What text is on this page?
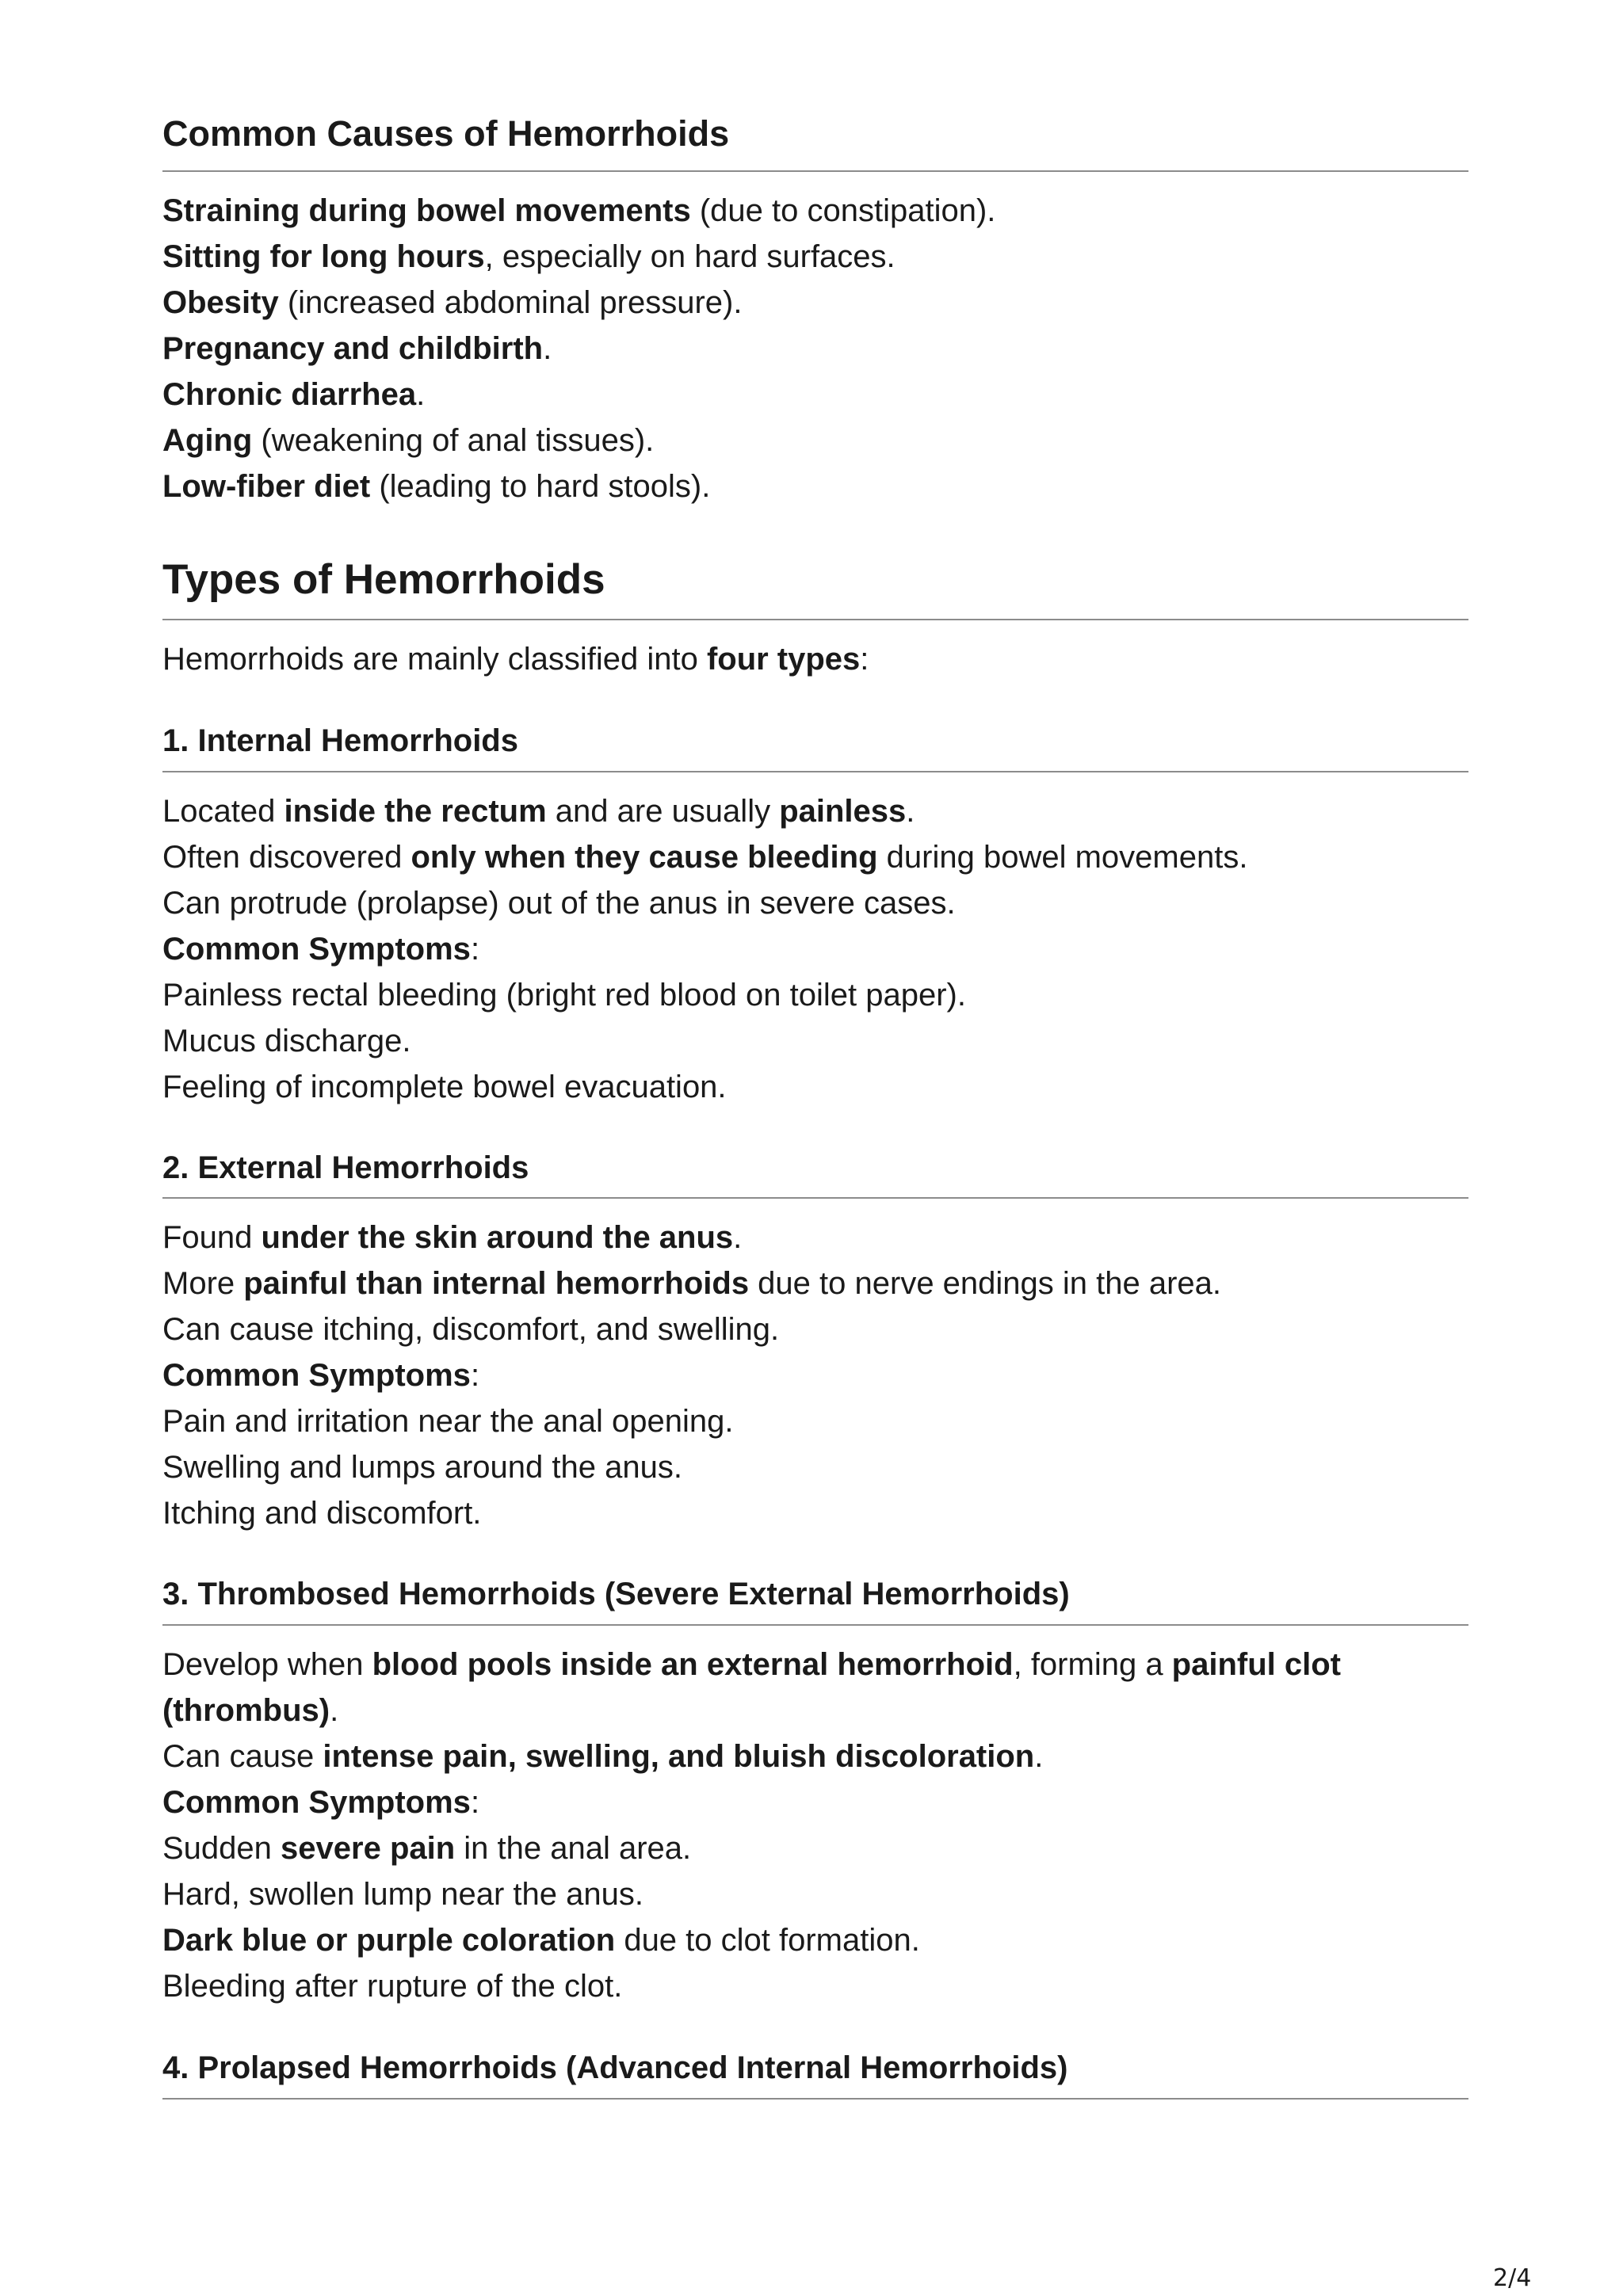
Common Causes of Hemorrhoids

Straining during bowel movements (due to constipation).

Sitting for long hours, especially on hard surfaces.

Obesity (increased abdominal pressure).

Pregnancy and childbirth.

Chronic diarrhea.

Aging (weakening of anal tissues).

Low-fiber diet (leading to hard stools).

Types of Hemorrhoids

Hemorrhoids are mainly classified into four types:

1. Internal Hemorrhoids

Located inside the rectum and are usually painless.

Often discovered only when they cause bleeding during bowel movements.

Can protrude (prolapse) out of the anus in severe cases.

Common Symptoms:

Painless rectal bleeding (bright red blood on toilet paper).

Mucus discharge.

Feeling of incomplete bowel evacuation.

2. External Hemorrhoids

Found under the skin around the anus.

More painful than internal hemorrhoids due to nerve endings in the area.

Can cause itching, discomfort, and swelling.

Common Symptoms:

Pain and irritation near the anal opening.

Swelling and lumps around the anus.

Itching and discomfort.

3. Thrombosed Hemorrhoids (Severe External Hemorrhoids)

Develop when blood pools inside an external hemorrhoid, forming a painful clot

(thrombus).

Can cause intense pain, swelling, and bluish discoloration.

Common Symptoms:

Sudden severe pain in the anal area.

Hard, swollen lump near the anus.

Dark blue or purple coloration due to clot formation.

Bleeding after rupture of the clot.

4. Prolapsed Hemorrhoids (Advanced Internal Hemorrhoids)
2/4
